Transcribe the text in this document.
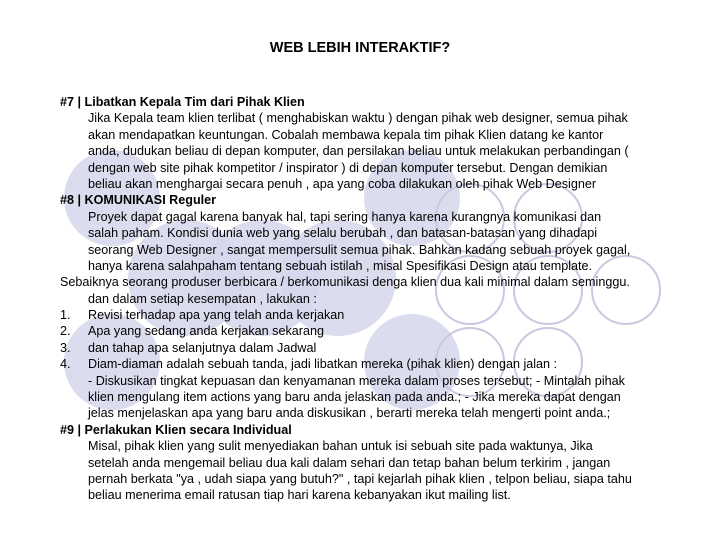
WEB LEBIH INTERAKTIF?
#7 | Libatkan Kepala Tim dari Pihak Klien
Jika Kepala team klien terlibat ( menghabiskan waktu ) dengan pihak web designer, semua pihak
akan mendapatkan keuntungan. Cobalah membawa kepala tim pihak Klien datang ke kantor
anda, dudukan beliau di depan komputer, dan persilakan beliau untuk melakukan perbandingan (
dengan web site pihak kompetitor / inspirator ) di depan komputer tersebut. Dengan demikian
beliau akan menghargai secara penuh , apa yang coba dilakukan oleh pihak Web Designer
#8 | KOMUNIKASI Reguler
Proyek dapat gagal karena banyak hal, tapi sering hanya karena kurangnya komunikasi dan
salah paham. Kondisi dunia web yang selalu berubah , dan batasan-batasan yang dihadapi
seorang Web Designer , sangat mempersulit semua pihak. Bahkan kadang sebuah proyek gagal,
hanya karena salahpaham tentang sebuah istilah , misal Spesifikasi Design atau template.
Sebaiknya seorang produser berbicara / berkomunikasi denga klien dua kali minimal dalam seminggu.
dan dalam setiap kesempatan , lakukan :
1. Revisi terhadap apa yang telah anda kerjakan
2. Apa yang sedang anda kerjakan sekarang
3. dan tahap apa selanjutnya dalam Jadwal
4. Diam-diaman adalah sebuah tanda, jadi libatkan mereka (pihak klien) dengan jalan :
- Diskusikan tingkat kepuasan dan kenyamanan mereka dalam proses tersebut; - Mintalah pihak
klien mengulang item actions yang baru anda jelaskan pada anda.; - Jika mereka dapat dengan
jelas menjelaskan apa yang baru anda diskusikan , berarti mereka telah mengerti point anda.;
#9 | Perlakukan Klien secara Individual
Misal, pihak klien yang sulit menyediakan bahan untuk isi sebuah site pada waktunya, Jika
setelah anda mengemail beliau dua kali dalam sehari dan tetap bahan belum terkirim , jangan
pernah berkata "ya , udah siapa yang butuh?" , tapi kejarlah pihak klien , telpon beliau, siapa tahu
beliau menerima email ratusan tiap hari karena kebanyakan ikut mailing list.
